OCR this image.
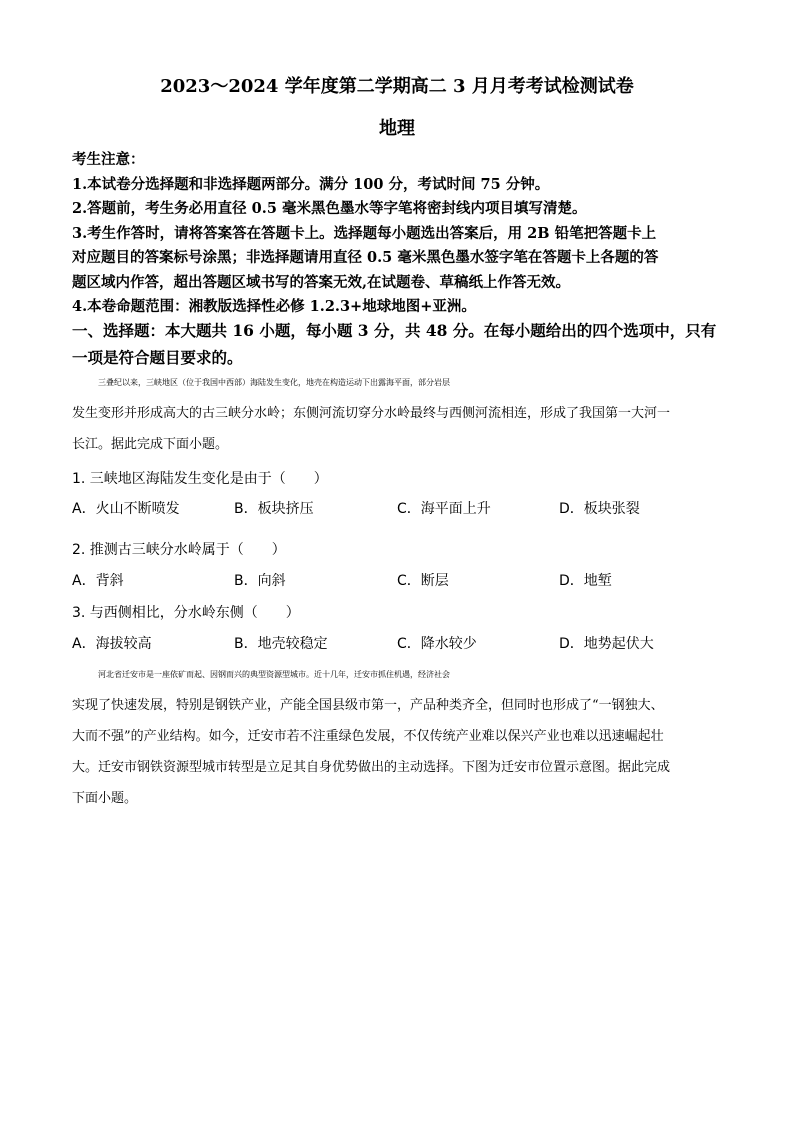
2023～2024 学年度第二学期高二 3 月月考考试检测试卷
地理
考生注意：
1.本试卷分选择题和非选择题两部分。满分 100 分，考试时间 75 分钟。
2.答题前，考生务必用直径 0.5 毫米黑色墨水等字笔将密封线内项目填写清楚。
3.考生作答时，请将答案答在答题卡上。选择题每小题选出答案后，用 2B 铅笔把答题卡上
对应题目的答案标号涂黑；非选择题请用直径 0.5 毫米黑色墨水签字笔在答题卡上各题的答
题区域内作答，超出答题区域书写的答案无效,在试题卷、草稿纸上作答无效。
4.本卷命题范围：湘教版选择性必修 1.2.3+地球地图+亚洲。
一、选择题：本大题共 16 小题，每小题 3 分，共 48 分。在每小题给出的四个选项中，只有
一项是符合题目要求的。
三叠纪以来，三峡地区（位于我国中西部）海陆发生变化，地壳在构造运动下出露海平面，部分岩层
发生变形并形成高大的古三峡分水岭；东侧河流切穿分水岭最终与西侧河流相连，形成了我国第一大河一
长江。据此完成下面小题。
1. 三峡地区海陆发生变化是由于（　　）
A．火山不断喷发	B．板块挤压	C．海平面上升	D．板块张裂
2. 推测古三峡分水岭属于（　　）
A．背斜	B．向斜	C．断层	D．地堑
3. 与西侧相比，分水岭东侧（　　）
A．海拔较高	B．地壳较稳定	C．降水较少	D．地势起伏大
河北省迁安市是一座依矿而起、因钢而兴的典型资源型城市。近十几年，迁安市抓住机遇，经济社会
实现了快速发展，特别是钢铁产业，产能全国县级市第一，产品种类齐全，但同时也形成了“一钢独大、
大而不强”的产业结构。如今，迁安市若不注重绿色发展，不仅传统产业难以保兴产业也难以迅速崛起壮
大。迁安市钢铁资源型城市转型是立足其自身优势做出的主动选择。下图为迁安市位置示意图。据此完成
下面小题。
